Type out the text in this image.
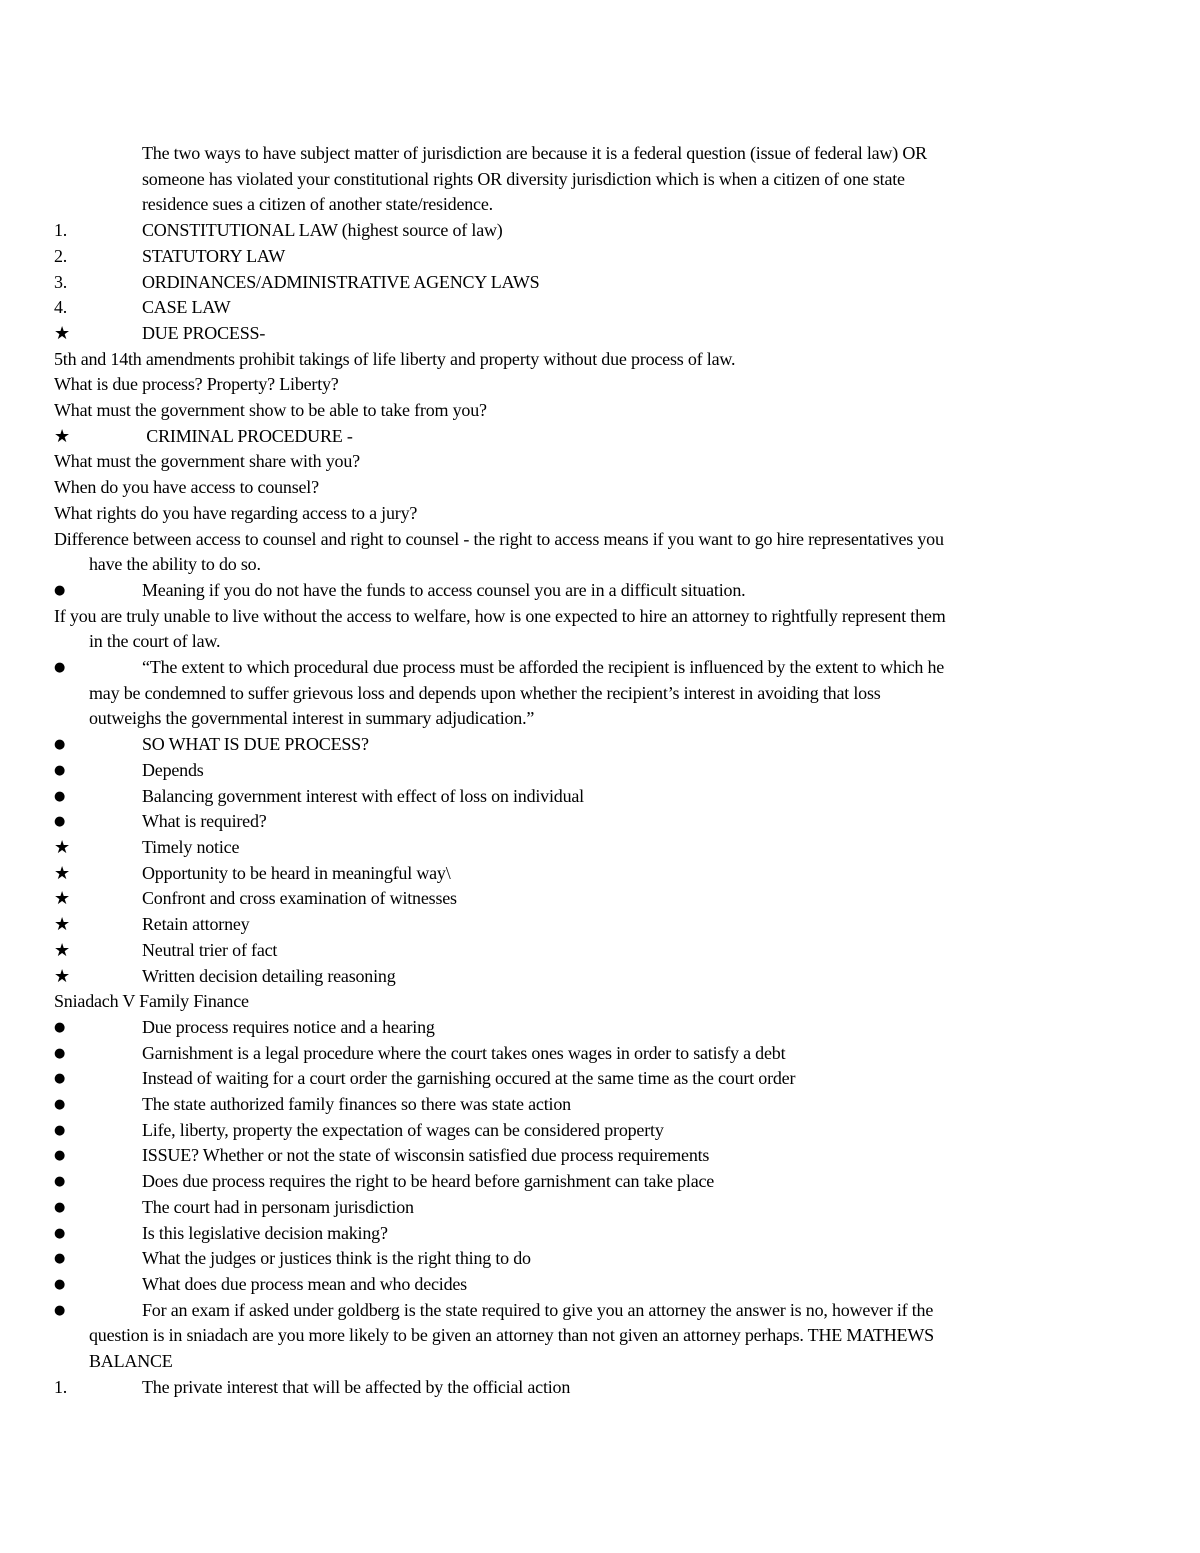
The two ways to have subject matter of jurisdiction are because it is a federal question (issue of federal law) OR
someone has violated your constitutional rights OR diversity jurisdiction which is when a citizen of one state
residence sues a citizen of another state/residence.
1.	CONSTITUTIONAL LAW (highest source of law)
2.	STATUTORY LAW
3.	ORDINANCES/ADMINISTRATIVE AGENCY LAWS
4.	CASE LAW
★	DUE PROCESS-
5th and 14th amendments prohibit takings of life liberty and property without due process of law.
What is due process? Property? Liberty?
What must the government show to be able to take from you?
★	CRIMINAL PROCEDURE -
What must the government share with you?
When do you have access to counsel?
What rights do you have regarding access to a jury?
Difference between access to counsel and right to counsel - the right to access means if you want to go hire representatives you
have the ability to do so.
●	Meaning if you do not have the funds to access counsel you are in a difficult situation.
If you are truly unable to live without the access to welfare, how is one expected to hire an attorney to rightfully represent them
in the court of law.
●	“The extent to which procedural due process must be afforded the recipient is influenced by the extent to which he
may be condemned to suffer grievous loss and depends upon whether the recipient’s interest in avoiding that loss
outweighs the governmental interest in summary adjudication.”
●	SO WHAT IS DUE PROCESS?
●	Depends
●	Balancing government interest with effect of loss on individual
●	What is required?
★	Timely notice
★	Opportunity to be heard in meaningful way\
★	Confront and cross examination of witnesses
★	Retain attorney
★	Neutral trier of fact
★	Written decision detailing reasoning
Sniadach V Family Finance
●	Due process requires notice and a hearing
●	Garnishment is a legal procedure where the court takes ones wages in order to satisfy a debt
●	Instead of waiting for a court order the garnishing occured at the same time as the court order
●	The state authorized family finances so there was state action
●	Life, liberty, property the expectation of wages can be considered property
●	ISSUE? Whether or not the state of wisconsin satisfied due process requirements
●	Does due process requires the right to be heard before garnishment can take place
●	The court had in personam jurisdiction
●	Is this legislative decision making?
●	What the judges or justices think is the right thing to do
●	What does due process mean and who decides
●	For an exam if asked under goldberg is the state required to give you an attorney the answer is no, however if the
question is in sniadach are you more likely to be given an attorney than not given an attorney perhaps. THE MATHEWS
BALANCE
1.	The private interest that will be affected by the official action
